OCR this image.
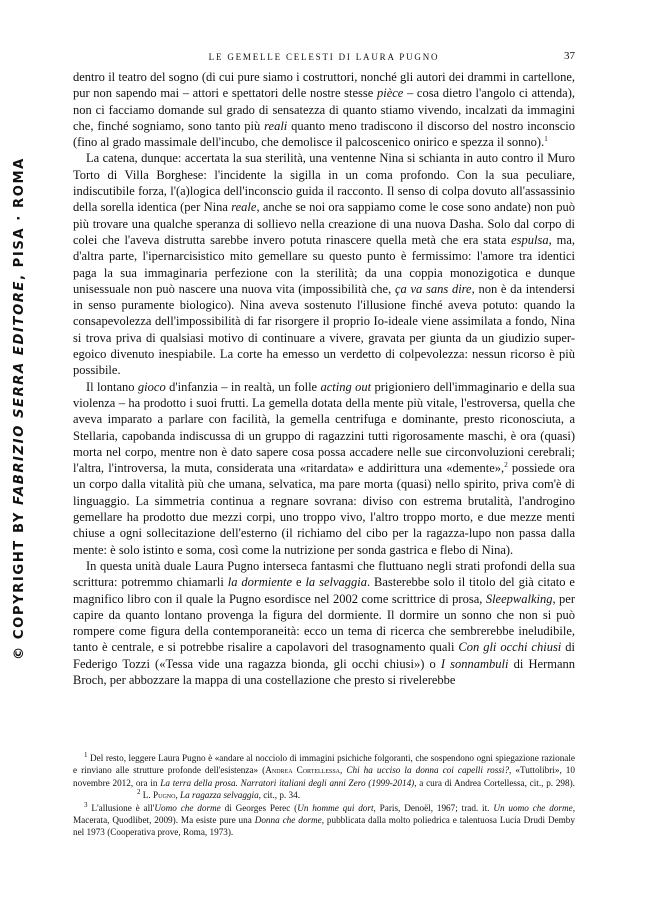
LE GEMELLE CELESTI DI LAURA PUGNO	37
© COPYRIGHT BY FABRIZIO SERRA EDITORE, PISA · ROMA

dentro il teatro del sogno (di cui pure siamo i costruttori, nonché gli autori dei drammi in cartellone, pur non sapendo mai – attori e spettatori delle nostre stesse pièce – cosa dietro l'angolo ci attenda), non ci facciamo domande sul grado di sensatezza di quanto stiamo vivendo, incalzati da immagini che, finché sogniamo, sono tanto più reali quanto meno tradiscono il discorso del nostro inconscio (fino al grado massimale dell'incubo, che demolisce il palcoscenico onirico e spezza il sonno).$^1$

La catena, dunque: accertata la sua sterilità, una ventenne Nina si schianta in auto contro il Muro Torto di Villa Borghese: l'incidente la sigilla in un coma profondo. Con la sua peculiare, indiscutibile forza, l'(a)logica dell'inconscio guida il racconto. Il senso di colpa dovuto all'assassinio della sorella identica (per Nina reale, anche se noi ora sappiamo come le cose sono andate) non può più trovare una qualche speranza di sollievo nella creazione di una nuova Dasha. Solo dal corpo di colei che l'aveva distrutta sarebbe invero potuta rinascere quella metà che era stata espulsa, ma, d'altra parte, l'ipernarcisistico mito gemellare su questo punto è fermissimo: l'amore tra identici paga la sua immaginaria perfezione con la sterilità; da una coppia monozigotica e dunque unisessuale non può nascere una nuova vita (impossibilità che, ça va sans dire, non è da intendersi in senso puramente biologico). Nina aveva sostenuto l'illusione finché aveva potuto: quando la consapevolezza dell'impossibilità di far risorgere il proprio Io-ideale viene assimilata a fondo, Nina si trova priva di qualsiasi motivo di continuare a vivere, gravata per giunta da un giudizio super-egoico divenuto inespiabile. La corte ha emesso un verdetto di colpevolezza: nessun ricorso è più possibile.

Il lontano gioco d'infanzia – in realtà, un folle acting out prigioniero dell'immaginario e della sua violenza – ha prodotto i suoi frutti. La gemella dotata della mente più vitale, l'estroversa, quella che aveva imparato a parlare con facilità, la gemella centrifuga e dominante, presto riconosciuta, a Stellaria, capobanda indiscussa di un gruppo di ragazzini tutti rigorosamente maschi, è ora (quasi) morta nel corpo, mentre non è dato sapere cosa possa accadere nelle sue circonvoluzioni cerebrali; l'altra, l'introversa, la muta, considerata una «ritardata» e addirittura una «demente»,$^2$ possiede ora un corpo dalla vitalità più che umana, selvatica, ma pare morta (quasi) nello spirito, priva com'è di linguaggio. La simmetria continua a regnare sovrana: diviso con estrema brutalità, l'androgino gemellare ha prodotto due mezzi corpi, uno troppo vivo, l'altro troppo morto, e due mezze menti chiuse a ogni sollecitazione dell'esterno (il richiamo del cibo per la ragazza-lupo non passa dalla mente: è solo istinto e soma, così come la nutrizione per sonda gastrica e flebo di Nina).

In questa unità duale Laura Pugno interseca fantasmi che fluttuano negli strati profondi della sua scrittura: potremmo chiamarli la dormiente e la selvaggia. Basterebbe solo il titolo del già citato e magnifico libro con il quale la Pugno esordisce nel 2002 come scrittrice di prosa, Sleepwalking, per capire da quanto lontano provenga la figura del dormiente. Il dormire un sonno che non si può rompere come figura della contemporaneità: ecco un tema di ricerca che sembrerebbe ineludibile, tanto è centrale, e si potrebbe risalire a capolavori del trasognamento quali Con gli occhi chiusi di Federigo Tozzi («Tessa vide una ragazza bionda, gli occhi chiusi») o I sonnambuli di Hermann Broch, per abbozzare la mappa di una costellazione che presto si rivelerebbe

$^1$ Del resto, leggere Laura Pugno è «andare al nocciolo di immagini psichiche folgoranti, che sospendono ogni spiegazione razionale e rinviano alle strutture profonde dell'esistenza» (Andrea Cortellessa, Chi ha ucciso la donna coi capelli rossi?, «Tuttolibri», 10 novembre 2012, ora in La terra della prosa. Narratori italiani degli anni Zero (1999-2014), a cura di Andrea Cortellessa, cit., p. 298).$^2$ L. Pugno, La ragazza selvaggia, cit., p. 34.

$^3$ L'allusione è all'Uomo che dorme di Georges Perec (Un homme qui dort, Paris, Denoël, 1967; trad. it. Un uomo che dorme, Macerata, Quodlibet, 2009). Ma esiste pure una Donna che dorme, pubblicata dalla molto poliedrica e talentuosa Lucia Drudi Demby nel 1973 (Cooperativa prove, Roma, 1973).
